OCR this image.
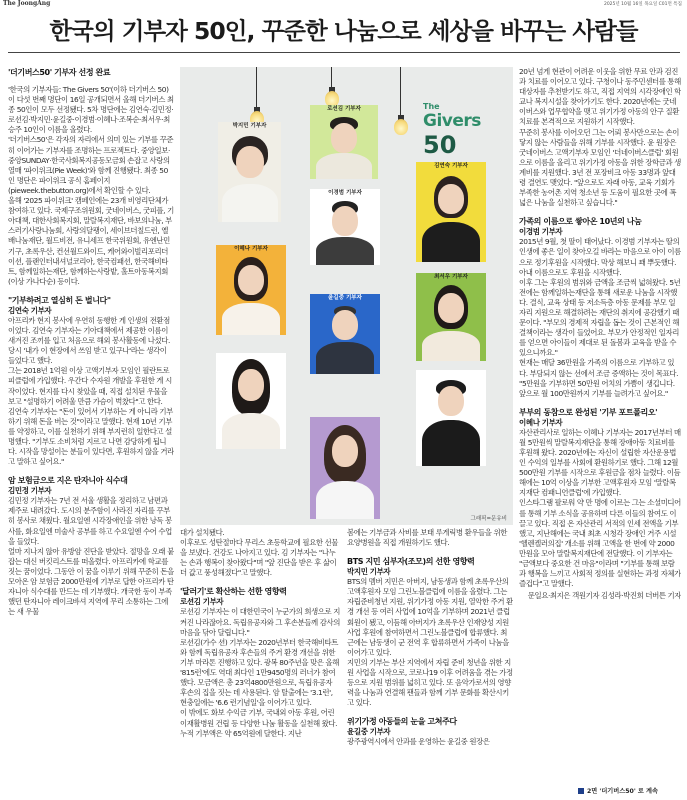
The JoongAng	2025년 10월 16일 목요일 C01면 특집
한국의 기부자 50인, 꾸준한 나눔으로 세상을 바꾸는 사람들

'더기버스50' 기부자 선정 완료

'한국의 기부자들: The Givers 50'(이하 더기버스 50)이 다섯 번째 명단이 16일 공개되면서 올해 더기버스 최종 50인이 모두 선정됐다. 5차 명단에는 김연숙·김민정·로션김·박지민·윤길중·이경범·이혜나·조복순·최서우·최승주 10인이 이름을 올렸다.

'더기버스50'은 각자의 자리에서 의미 있는 기부를 꾸준히 이어가는 기부자를 조명하는 프로젝트다. 중앙일보·중앙SUNDAY·한국사회복지공동모금회 손잡고 사랑의열매 '파이위크(Pie Week)'와 함께 진행됐다. 최종 50인 명단은 파이위크 공식 홈페이지(pieweek.thebutton.org)에서 확인할 수 있다.

올해 '2025 파이위크' 캠페인에는 23개 비영리단체가 참여하고 있다. 국제구조위원회, 굿네이버스, 굿피플, 기아대책, 대한사회복지회, 말랄복지재단, 바보의나눔, 부스러기사랑나눔회, 사랑의달팽이, 세이브더칠드런, 옐배나눔재단, 월드비전, 유니세프 한국위원회, 유엔난민기구, 초록우산, 컨선월드와이드, 케어와이빌리포리더이션, 플랜인터내셔널코리아, 한국컴패션, 한국해비타트, 함께일하는재단, 함께하는사랑밭, 홀트아동복지회(이상 가나다순) 등이다.

"기부하려고 열심히 돈 벌니다"

김연숙 기부자

아프리카 현지 봉사에 우연히 동행한 게 인생의 전환점이었다. 김연숙 기부자는 기아대책에서 제공한 이름이 새겨진 조끼를 입고 처음으로 해외 봉사활동에 나섰다. 당시 '내가 이 현장에서 쓰임 받고 있구나'라는 생각이 들었다고 했다.

그는 2018년 1억원 이상 고액기부자 모임인 필란트로피클럽에 가입했다. 우간다 수자원 개발을 후원한 게 시작이었다. 현지를 다시 찾았을 때, 직접 설치된 우물을 보고 "설명하기 어려울 만큼 가슴이 벅찼다"고 한다.

김연숙 기부자는 "돈이 있어서 기부하는 게 아니라 기부하기 위해 돈을 버는 것"이라고 말했다. 현재 10년 기부를 약정하고, 이를 실천하기 위해 부지런히 일한다고 설명했다. "기부도 소비처럼 지르고 나면 감당하게 됩니다. 시작을 망설이는 분들이 있다면, 후원하지 않을 거라고 말하고 싶어요."

암 보험금으로 지은 탄자니아 식수대

김민정 기부자

김민정 기부자는 7년 전 서울 생활을 정리하고 남편과 제주로 내려갔다. 도시의 분주함이 사라진 자리를 꾸부히 봉사로 채웠다. 월요일엔 시각장애인을 위한 낭독 봉사를, 화요일엔 미술사 공부를 하고 수요일엔 수어 수업을 들었다.

얼마 지나지 않아 유방암 진단을 받았다. 절망을 오래 붙잡는 대신 버킷리스트를 떠올렸다. 아프리카에 학교를 짓는 꿈이었다. 그동안 이 꿈을 이루기 위해 꾸준히 돈을 모아온 암 보험금 2000만원에 기부로 답한 아프리카 탄자니아 식수대를 만드는 데 기부했다. 개국한 동이 부족했던 탄자니아 레이크바셔 지역에 무리 소통하는 그에는 새 우물

The
Givers 50
박지민 기부자
로션김 기부자
김연숙 기부자
이경범 기부자
이혜나 기부자
최서우 기부자
윤길중 기부자
그래픽=문유비

대가 설치됐다.

이후로도 성탄절마다 무리스 초등학교에 필요한 선물을 보냈다. 건강도 나아지고 있다. 김 기부자는 "나누는 손과 행복이 찾아왔다"며 "앞 진단을 받은 후 삶이 더 값고 풍성해졌다"고 말했다.

'달러기'로 확산하는 선한 영향력

로션김 기부자

로션김 기부자는 이 대한민국이 누군가의 희생으로 지켜진 나라잖아요. 독립유공자와 그 후손분들께 감사의 마음을 닦아 달립니다."

로션김(가수 션) 기부자는 2020년부터 한국해비타트와 함께 독립유공자 후손들의 주거 환경 개선을 위한 기부 마라톤 진행하고 있다. 광복 80주년을 맞은 올해 '815런'에도 역대 최다인 1만9450명의 러너가 참여했다. 모금액은 총 23억4800만원으로, 독립유공자 후손의 집을 짓는 데 사용된다. 암 탈출에는 '3.1런', 현충일에는 '6.6 런기념일'을 이어가고 있다.

이 밖에도 화보 수익금 기부, 국내외 아동 후원, 어린이재활병원 건립 등 다양한 나눔 활동을 실천해 왔다. 누적 기부액은 약 65억원에 달한다. 지난

봄에는 기부금과 사비를 보태 루게릭병 환우들을 위한 요양병원을 직접 개원하기도 했다.

BTS 지민 심부자(조모)의 선한 영향력

박지민 기부자

BTS의 멤버 지민은 아버지, 남동생과 함께 초록우산의 고액후원자 모임 그린노블클럽에 이름을 올렸다. 그는 자립준비청년 지원, 위기가정 아동 지원, 열악한 주거 환경 개선 등 여러 사업에 10억을 기부하며 2021년 클럽 회원이 됐고, 이듬해 아버지가 초록우산 인재양성 지원사업 후원에 참여하면서 그린노블클럽에 합류했다. 최근에는 남동생이 군 전역 후 합류하면서 가족이 나눔을 이어가고 있다.

지민의 기부는 부산 지역에서 자립 준비 청년을 위한 지원 사업을 시작으로, 코로나19 이후 어려움을 겪는 가정 등으로 지원 범위를 넓히고 있다. 또 음악가로서의 영향력을 나눔과 연결해 팬들과 함께 기부 문화를 확산시키고 있다.

위기가정 아동들의 눈을 고쳐주다

윤길중 기부자

광주광역시에서 안과를 운영하는 윤길중 원장은

20년 넘게 현관이 어려운 이웃을 위한 무료 안과 검진과 치료를 이어오고 있다. 구청이나 동주민센터를 통해 대상자를 추천받기도 하고, 직접 지역의 시각장애인 학교나 복지시설을 찾아가기도 한다. 2020년에는 굿네이버스와 업무협약을 맺고 위기가정 아동의 안구 질환 치료를 본격적으로 지원하기 시작했다.

꾸준히 봉사를 이어오던 그는 어뢰 봉사만으로는 손이 닿지 않는 사람들을 위해 기부를 시작했다. 윤 원장은 굿네이버스 고액기부자 모임인 '더네이버스클럽' 회원으로 이름을 올리고 위기가정 아동을 위한 장학금과 생계비를 지원했다. 3년 전 포장비크 아동 33명과 앞대령 결연도 맺었다. "앞으로도 자래 아동, 교육 기회가 부족한 농어촌 지역 청소년 등 도움이 필요한 곳에 폭넓은 나눔을 실천하고 싶습니다."

가족의 이름으로 쌓아온 10년의 나눔

이경범 기부자

2015년 9월, 첫 딸이 태어났다. 이경범 기부자는 딸의 인생에 좋은 일이 찾아오길 바라는 마음으로 아이 이름으로 정기후원을 시작했다. 막상 해보니 꽤 뿌듯했다. 아내 이름으로도 후원을 시작했다.

이후 그는 후원의 범위와 금액을 조금씩 넓혀왔다. 5년 전에는 함께일하는재단을 통해 새로운 나눔을 시작했다. 결식, 교육 상태 등 저소득층 아동 문제를 부모 일자리 지원으로 해결하려는 재단의 취지에 공감했기 때문이다. "부모의 경제적 자립을 돕는 것이 근본적인 해결책이라는 생각이 들었어요. 부모가 안정적인 일자리를 얻으면 아이들이 제대로 된 돌봄과 교육을 받을 수 있으니까요."

현재는 매달 36만원을 가족의 이름으로 기부하고 있다. 부담되지 않는 선에서 조금 증액하는 것이 목표다. "5만원을 기부하면 50만원 어치의 가쁨이 생깁니다. 앞으로 월 100만원까지 기부를 늘려가고 싶어요."

부부의 동참으로 완성된 '기부 포트폴리오'

이혜나 기부자

자산관리사로 일하는 이혜나 기부자는 2017년부터 매월 5만원씩 말랄복지재단을 통해 장애아동 치료비를 후원해 왔다. 2020년에는 자신이 설립한 자산운용법인 수익의 일부를 사회에 환원하기로 했다. 그해 12월 500만원 기부를 시작으로 후원금을 점차 늘렸다. 이듬해에는 10억 이상을 기부한 고액후원자 모임 '말랄복지재단 컴패니언클럽'에 가입했다.

인스타그램 팔로워 약 만 명에 이르는 그는 소셜미디어를 통해 기부 소식을 공유하며 다른 이들의 참여도 이끌고 있다. 직접 온 자산관리 서적의 인세 전액을 기부했고, 지난해에는 국내 최초 시청각 장애인 거주 시설 '헬렌켈러의집' 개소를 위해 고액을 한 번에 약 2000만원을 모아 말랄복지재단에 전달했다. 이 기부자는 "금액보다 중요한 건 마음"이라며 "기부를 통해 보람과 행복을 느끼고 사회적 정의를 실현하는 과정 자체가 즐겁다"고 말했다.

문일요·최지은 객원기자 김성라·박진희 더버튼 기자

2면 '더기버스50' 로 계속
